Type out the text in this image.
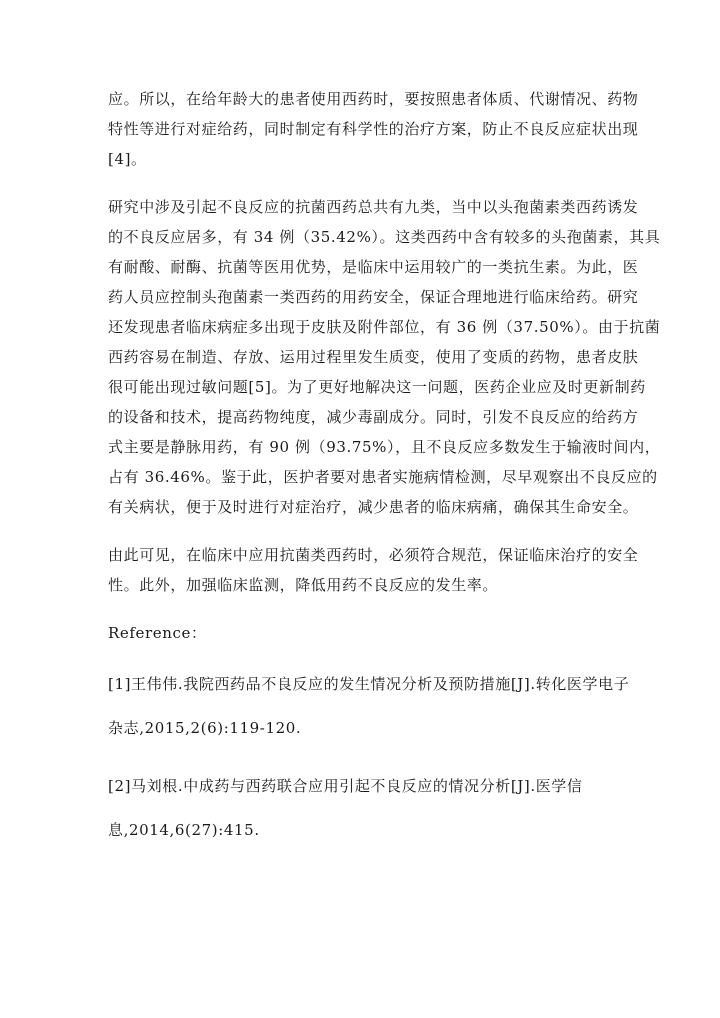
应。所以，在给年龄大的患者使用西药时，要按照患者体质、代谢情况、药物
特性等进行对症给药，同时制定有科学性的治疗方案，防止不良反应症状出现
[4]。

研究中涉及引起不良反应的抗菌西药总共有九类，当中以头孢菌素类西药诱发
的不良反应居多，有 34 例（35.42%）。这类西药中含有较多的头孢菌素，其具
有耐酸、耐酶、抗菌等医用优势，是临床中运用较广的一类抗生素。为此，医
药人员应控制头孢菌素一类西药的用药安全，保证合理地进行临床给药。研究
还发现患者临床病症多出现于皮肤及附件部位，有 36 例（37.50%）。由于抗菌
西药容易在制造、存放、运用过程里发生质变，使用了变质的药物，患者皮肤
很可能出现过敏问题[5]。为了更好地解决这一问题，医药企业应及时更新制药
的设备和技术，提高药物纯度，减少毒副成分。同时，引发不良反应的给药方
式主要是静脉用药，有 90 例（93.75%），且不良反应多数发生于输液时间内，
占有 36.46%。鉴于此，医护者要对患者实施病情检测，尽早观察出不良反应的
有关病状，便于及时进行对症治疗，减少患者的临床病痛，确保其生命安全。

由此可见，在临床中应用抗菌类西药时，必须符合规范，保证临床治疗的安全
性。此外，加强临床监测，降低用药不良反应的发生率。

Reference：

[1]王伟伟.我院西药品不良反应的发生情况分析及预防措施[J].转化医学电子
杂志,2015,2(6):119-120.

[2]马刘根.中成药与西药联合应用引起不良反应的情况分析[J].医学信
息,2014,6(27):415.
